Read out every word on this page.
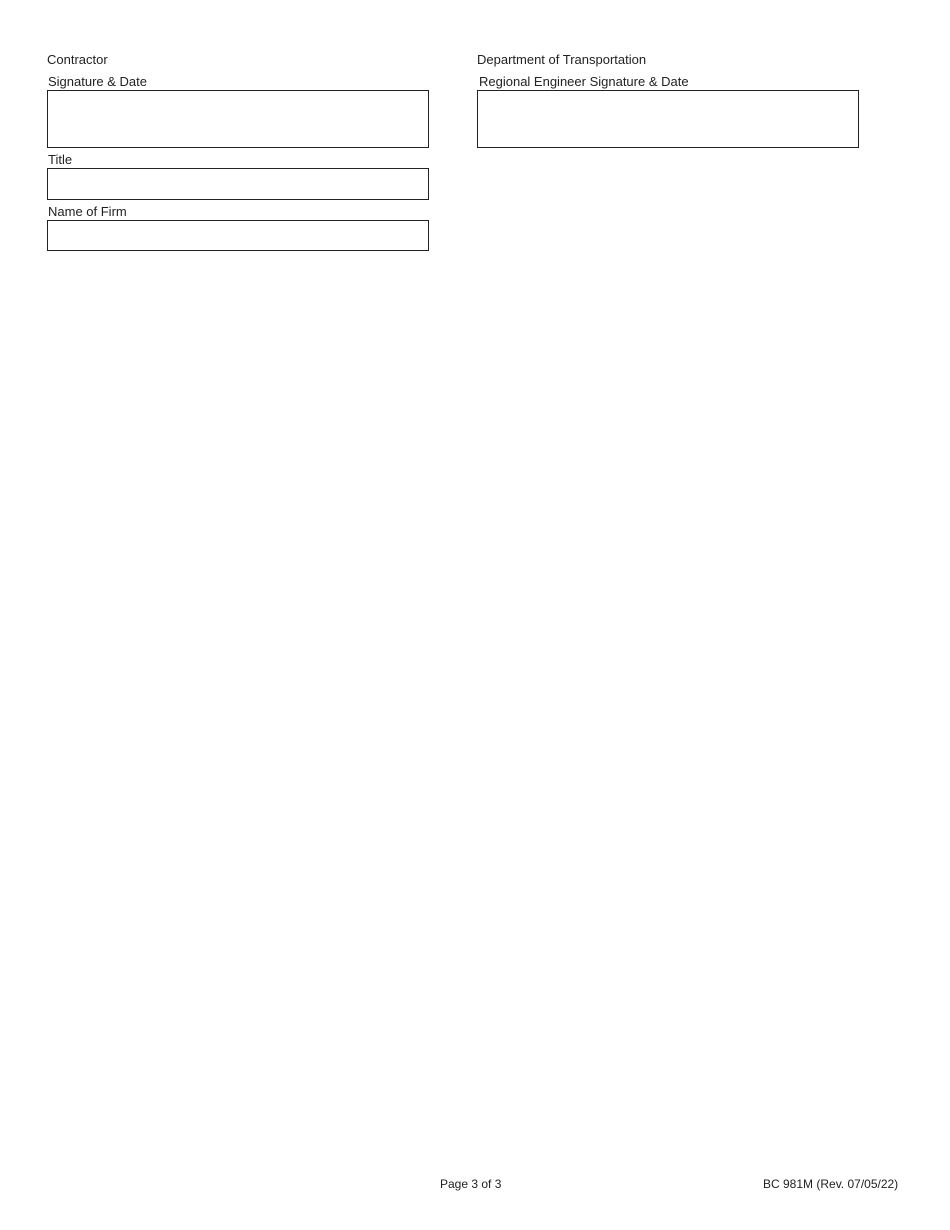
Contractor
Signature & Date
Title
Name of Firm
Department of Transportation
Regional Engineer Signature & Date
Page 3 of 3	BC 981M (Rev. 07/05/22)
